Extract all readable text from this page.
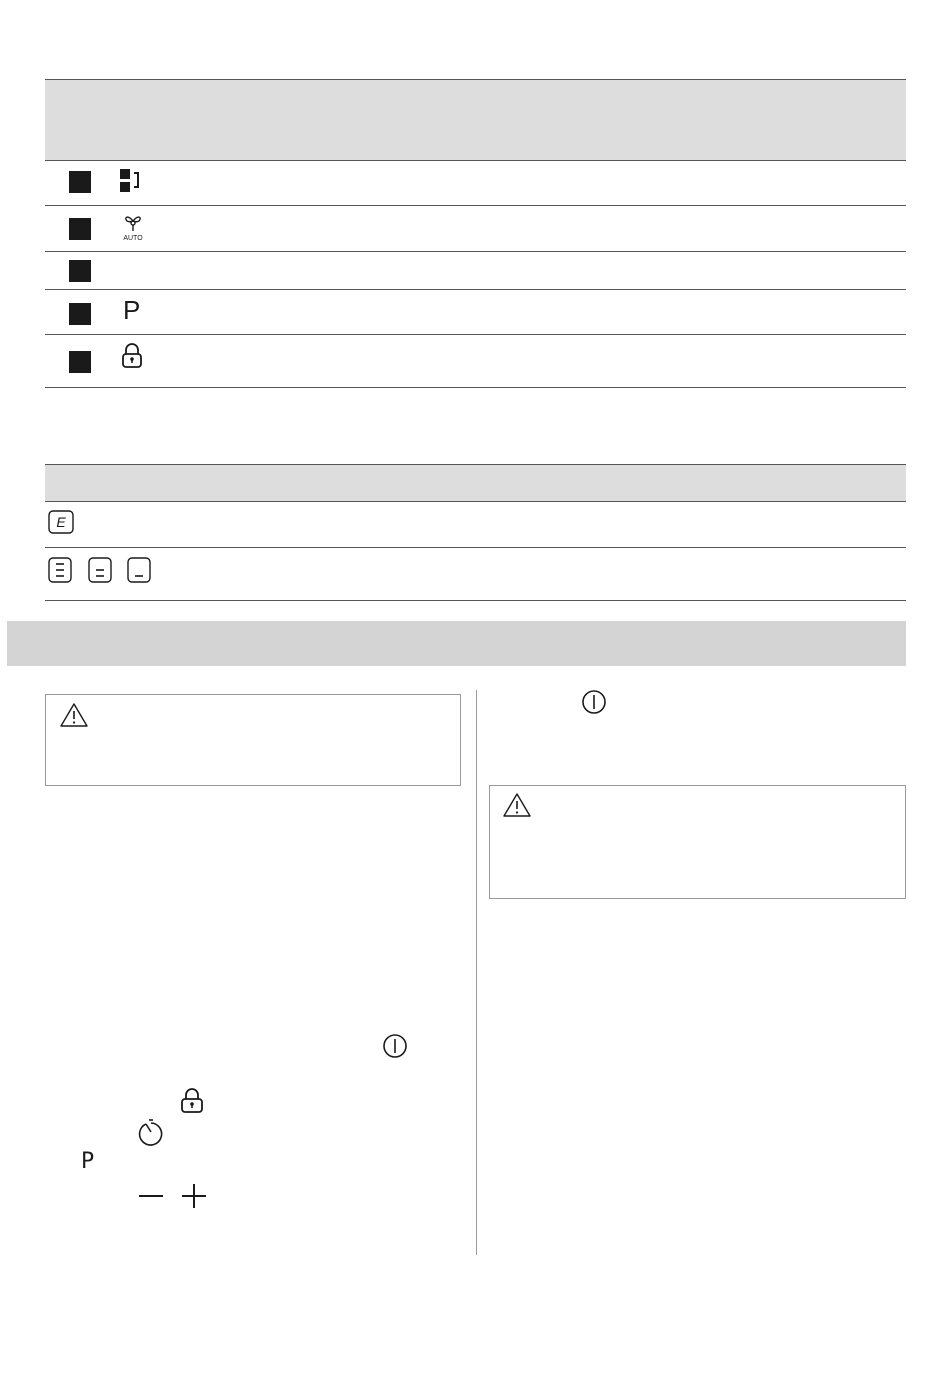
AUTO
P
E
P
